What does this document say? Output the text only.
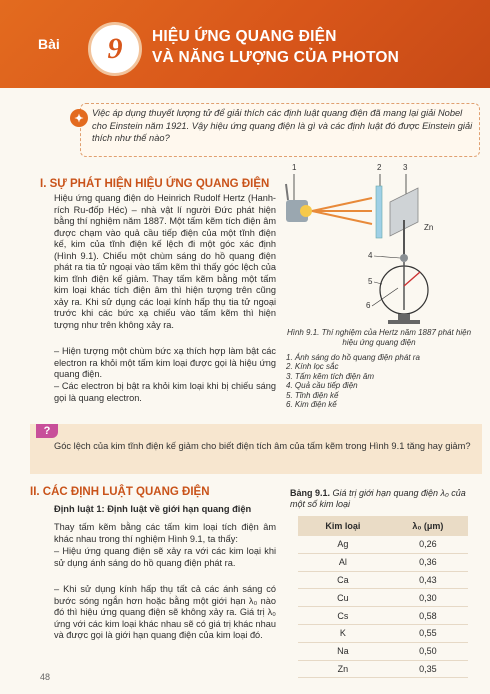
Bài 9 HIỆU ỨNG QUANG ĐIỆN
VÀ NĂNG LƯỢNG CỦA PHOTON
✦ Việc áp dụng thuyết lượng tử để giải thích các định luật quang điện đã mang lại giải Nobel cho Einstein năm 1921. Vậy hiệu ứng quang điện là gì và các định luật đó được Einstein giải thích như thế nào?
I. SỰ PHÁT HIỆN HIỆU ỨNG QUANG ĐIỆN
Hiệu ứng quang điện do Heinrich Rudolf Hertz (Hanh-rích Ru-đốp Héc) – nhà vật lí người Đức phát hiện bằng thí nghiệm năm 1887. Một tấm kẽm tích điện âm được chạm vào quả cầu tiếp điện của một tĩnh điện kế, kim của tĩnh điện kế lệch đi một góc xác định (Hình 9.1). Chiếu một chùm sáng do hồ quang điện phát ra tia tử ngoại vào tấm kẽm thì thấy góc lệch của kim tĩnh điện kế giảm. Thay tấm kẽm bằng một tấm kim loại khác tích điện âm thì hiện tượng trên cũng xảy ra. Khi sử dụng các loại kính hấp thụ tia tử ngoại trước khi các bức xạ chiếu vào tấm kẽm thì hiện tượng như trên không xảy ra.
– Hiện tượng một chùm bức xạ thích hợp làm bật các electron ra khỏi một tấm kim loại được gọi là hiệu ứng quang điện.
– Các electron bị bật ra khỏi kim loại khi bị chiếu sáng gọi là quang electron.
1	2	3
Zn
4
5
6
Hình 9.1. Thí nghiệm của Hertz năm 1887 phát hiện hiệu ứng quang điện
1. Ánh sáng do hồ quang điện phát ra
2. Kính lọc sắc
3. Tấm kẽm tích điện âm
4. Quả cầu tiếp điện
5. Tĩnh điện kế
6. Kim điện kế
?
Góc lệch của kim tĩnh điện kế giảm cho biết điện tích âm của tấm kẽm trong Hình 9.1 tăng hay giảm?
II. CÁC ĐỊNH LUẬT QUANG ĐIỆN
Định luật 1: Định luật về giới hạn quang điện
Thay tấm kẽm bằng các tấm kim loại tích điện âm khác nhau trong thí nghiệm Hình 9.1, ta thấy:
– Hiệu ứng quang điện sẽ xảy ra với các kim loại khi sử dụng ánh sáng do hồ quang điện phát ra.
– Khi sử dụng kính hấp thụ tất cả các ánh sáng có bước sóng ngắn hơn hoặc bằng một giới hạn λ₀ nào đó thì hiệu ứng quang điện sẽ không xảy ra. Giá trị λ₀ ứng với các kim loại khác nhau sẽ có giá trị khác nhau và được gọi là giới hạn quang điện của kim loại đó.
Bảng 9.1. Giá trị giới hạn quang điện λ₀ của một số kim loại
Kim loại	λ₀ (μm)
Ag	0,26
Al	0,36
Ca	0,43
Cu	0,30
Cs	0,58
K	0,55
Na	0,50
Zn	0,35
48
